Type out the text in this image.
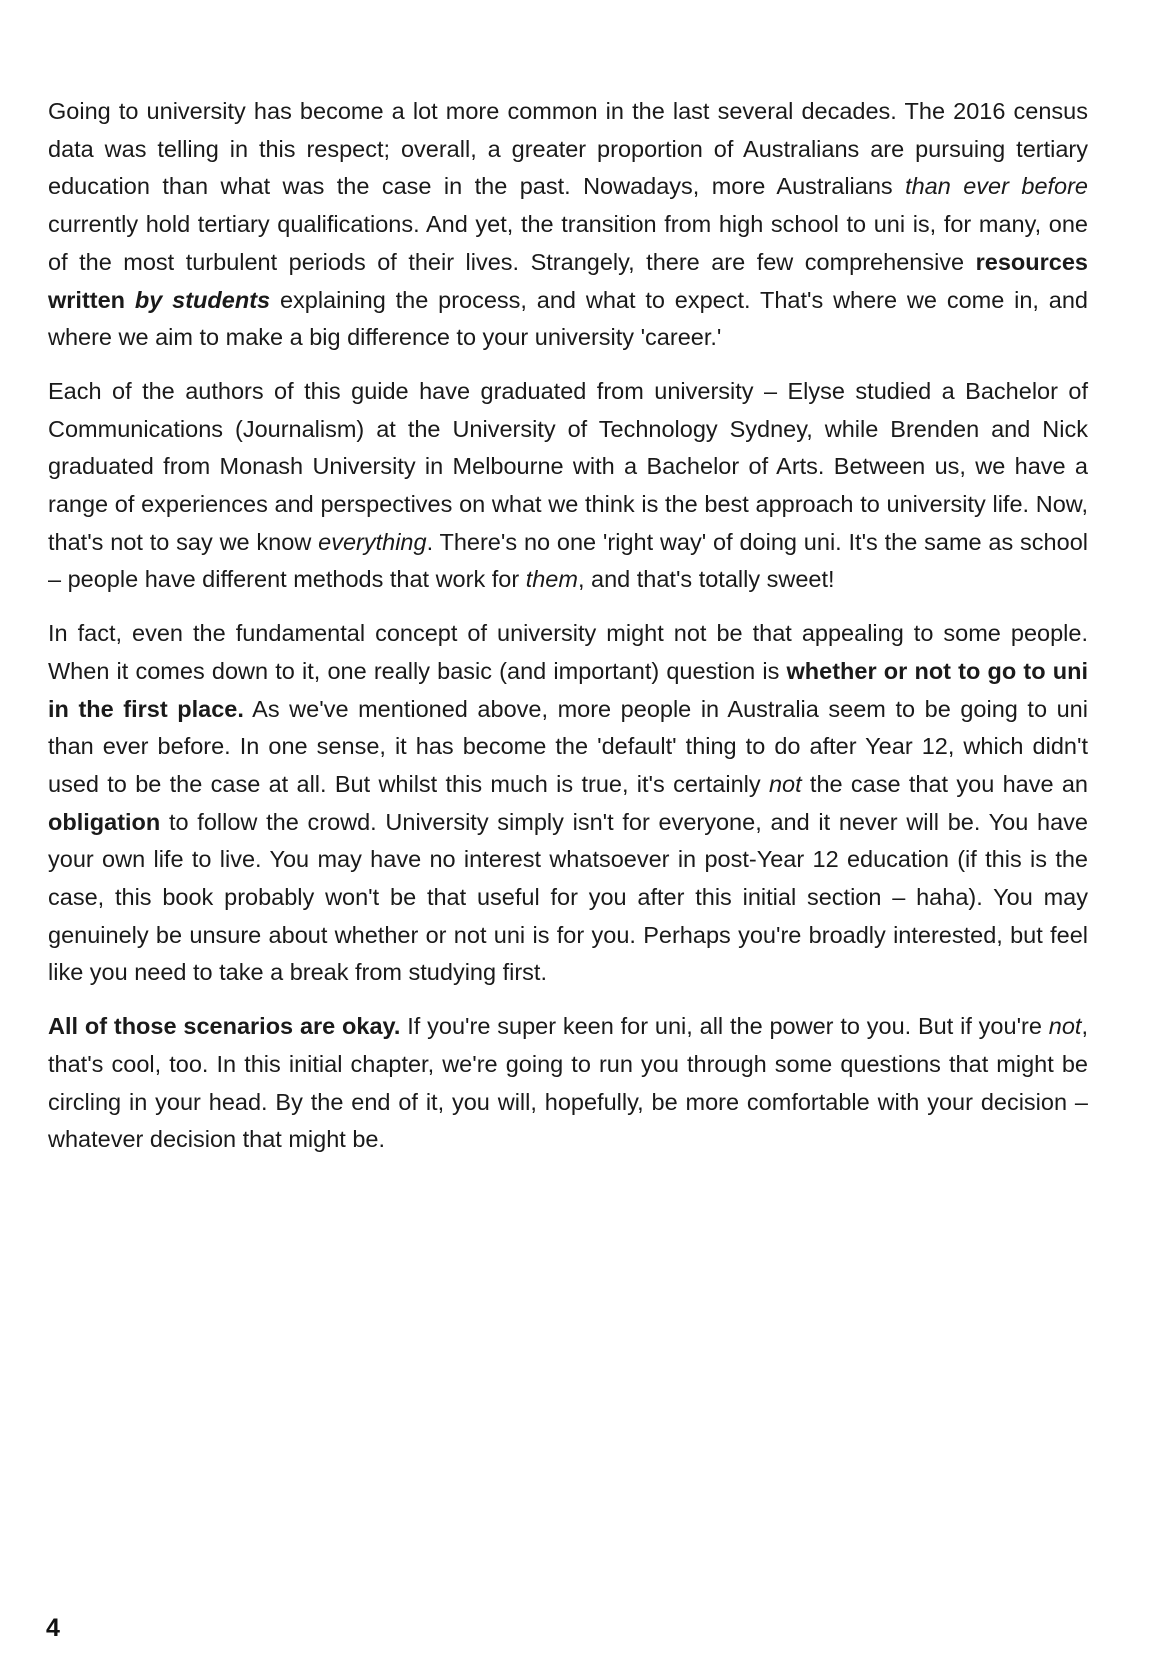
Going to university has become a lot more common in the last several decades. The 2016 census data was telling in this respect; overall, a greater proportion of Australians are pursuing tertiary education than what was the case in the past. Nowadays, more Australians than ever before currently hold tertiary qualifications. And yet, the transition from high school to uni is, for many, one of the most turbulent periods of their lives. Strangely, there are few comprehensive resources written by students explaining the process, and what to expect. That's where we come in, and where we aim to make a big difference to your university 'career.'

Each of the authors of this guide have graduated from university – Elyse studied a Bachelor of Communications (Journalism) at the University of Technology Sydney, while Brenden and Nick graduated from Monash University in Melbourne with a Bachelor of Arts. Between us, we have a range of experiences and perspectives on what we think is the best approach to university life. Now, that's not to say we know everything. There's no one 'right way' of doing uni. It's the same as school – people have different methods that work for them, and that's totally sweet!

In fact, even the fundamental concept of university might not be that appealing to some people. When it comes down to it, one really basic (and important) question is whether or not to go to uni in the first place. As we've mentioned above, more people in Australia seem to be going to uni than ever before. In one sense, it has become the 'default' thing to do after Year 12, which didn't used to be the case at all. But whilst this much is true, it's certainly not the case that you have an obligation to follow the crowd. University simply isn't for everyone, and it never will be. You have your own life to live. You may have no interest whatsoever in post-Year 12 education (if this is the case, this book probably won't be that useful for you after this initial section – haha). You may genuinely be unsure about whether or not uni is for you. Perhaps you're broadly interested, but feel like you need to take a break from studying first.

All of those scenarios are okay. If you're super keen for uni, all the power to you. But if you're not, that's cool, too. In this initial chapter, we're going to run you through some questions that might be circling in your head. By the end of it, you will, hopefully, be more comfortable with your decision – whatever decision that might be.

4
